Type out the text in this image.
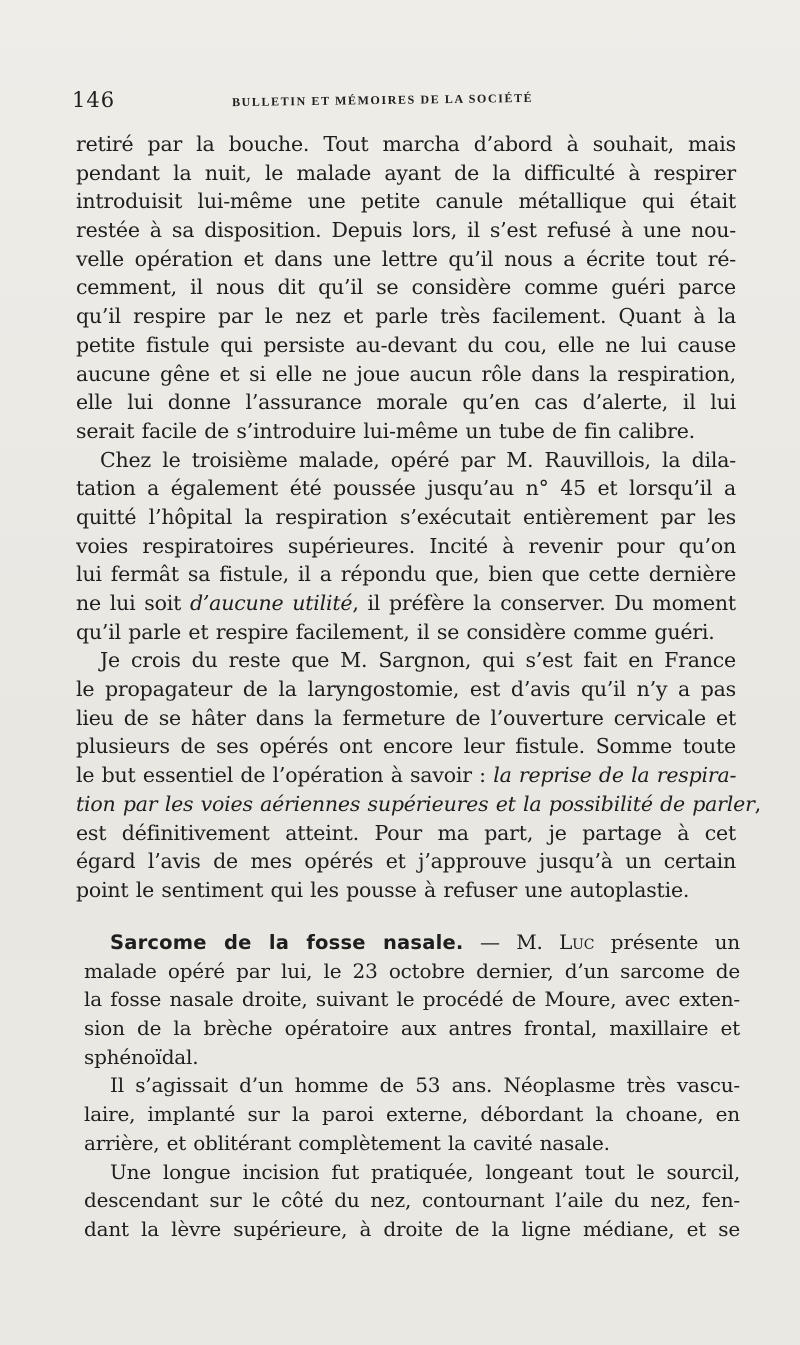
146	BULLETIN ET MÉMOIRES DE LA SOCIÉTÉ
retiré par la bouche. Tout marcha d’abord à souhait, mais
pendant la nuit, le malade ayant de la difficulté à respirer
introduisit lui-même une petite canule métallique qui était
restée à sa disposition. Depuis lors, il s’est refusé à une nou-
velle opération et dans une lettre qu’il nous a écrite tout ré-
cemment, il nous dit qu’il se considère comme guéri parce
qu’il respire par le nez et parle très facilement. Quant à la
petite fistule qui persiste au-devant du cou, elle ne lui cause
aucune gêne et si elle ne joue aucun rôle dans la respiration,
elle lui donne l’assurance morale qu’en cas d’alerte, il lui
serait facile de s’introduire lui-même un tube de fin calibre.
Chez le troisième malade, opéré par M. Rauvillois, la dila-
tation a également été poussée jusqu’au n° 45 et lorsqu’il a
quitté l’hôpital la respiration s’exécutait entièrement par les
voies respiratoires supérieures. Incité à revenir pour qu’on
lui fermât sa fistule, il a répondu que, bien que cette dernière
ne lui soit d’aucune utilité, il préfère la conserver. Du moment
qu’il parle et respire facilement, il se considère comme guéri.
Je crois du reste que M. Sargnon, qui s’est fait en France
le propagateur de la laryngostomie, est d’avis qu’il n’y a pas
lieu de se hâter dans la fermeture de l’ouverture cervicale et
plusieurs de ses opérés ont encore leur fistule. Somme toute
le but essentiel de l’opération à savoir : la reprise de la respira-
tion par les voies aériennes supérieures et la possibilité de parler,
est définitivement atteint. Pour ma part, je partage à cet
égard l’avis de mes opérés et j’approuve jusqu’à un certain
point le sentiment qui les pousse à refuser une autoplastie.
Sarcome de la fosse nasale. — M. Luc présente un
malade opéré par lui, le 23 octobre dernier, d’un sarcome de
la fosse nasale droite, suivant le procédé de Moure, avec exten-
sion de la brèche opératoire aux antres frontal, maxillaire et
sphénoïdal.
Il s’agissait d’un homme de 53 ans. Néoplasme très vascu-
laire, implanté sur la paroi externe, débordant la choane, en
arrière, et oblitérant complètement la cavité nasale.
Une longue incision fut pratiquée, longeant tout le sourcil,
descendant sur le côté du nez, contournant l’aile du nez, fen-
dant la lèvre supérieure, à droite de la ligne médiane, et se
